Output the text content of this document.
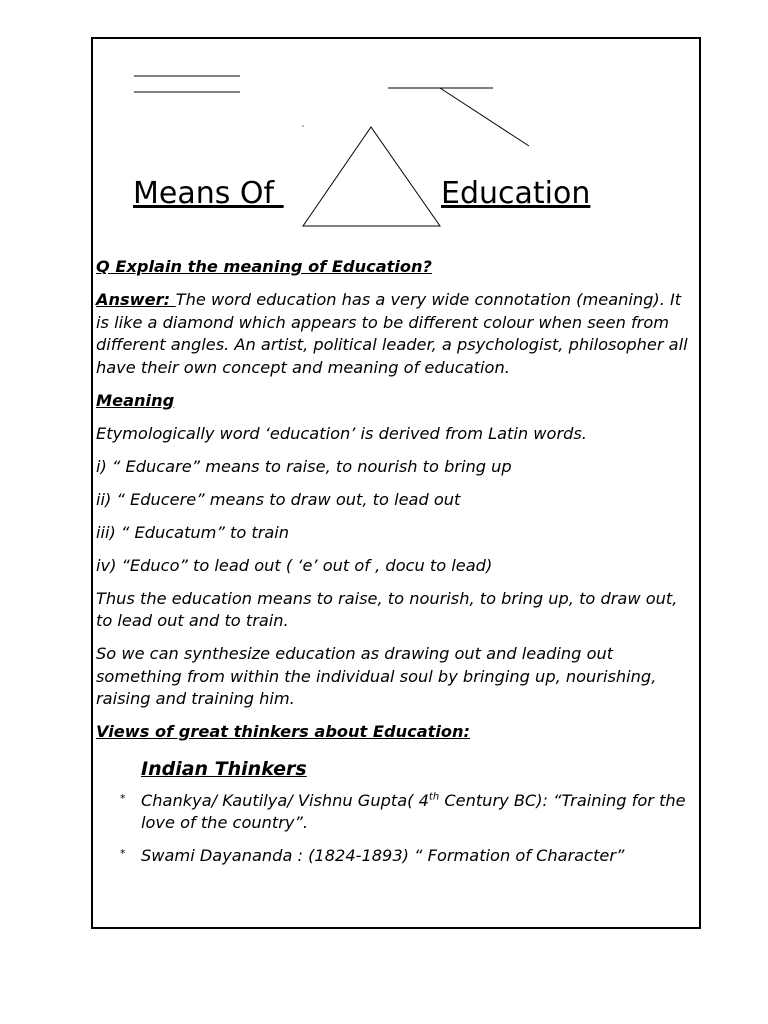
Means Of	Education

Q Explain the meaning of Education?

Answer: The word education has a very wide connotation (meaning). It is like a diamond which appears to be different colour when seen from different angles. An artist, political leader, a psychologist, philosopher all have their own concept and meaning of education.

Meaning

Etymologically word ‘education’ is derived from Latin words.

i) “ Educare” means to raise, to nourish to bring up

ii) “ Educere” means to draw out, to lead out

iii) “ Educatum” to train

iv) “Educo” to lead out ( ‘e’ out of , docu to lead)

Thus the education means to raise, to nourish, to bring up, to draw out, to lead out and to train.

So we can synthesize education as drawing out and leading out something from within the individual soul by bringing up, nourishing, raising and training him.

Views of great thinkers about Education:

Indian Thinkers
* Chankya/ Kautilya/ Vishnu Gupta( 4th Century BC): “Training for the love of the country”.
* Swami Dayananda : (1824-1893) “ Formation of Character”
